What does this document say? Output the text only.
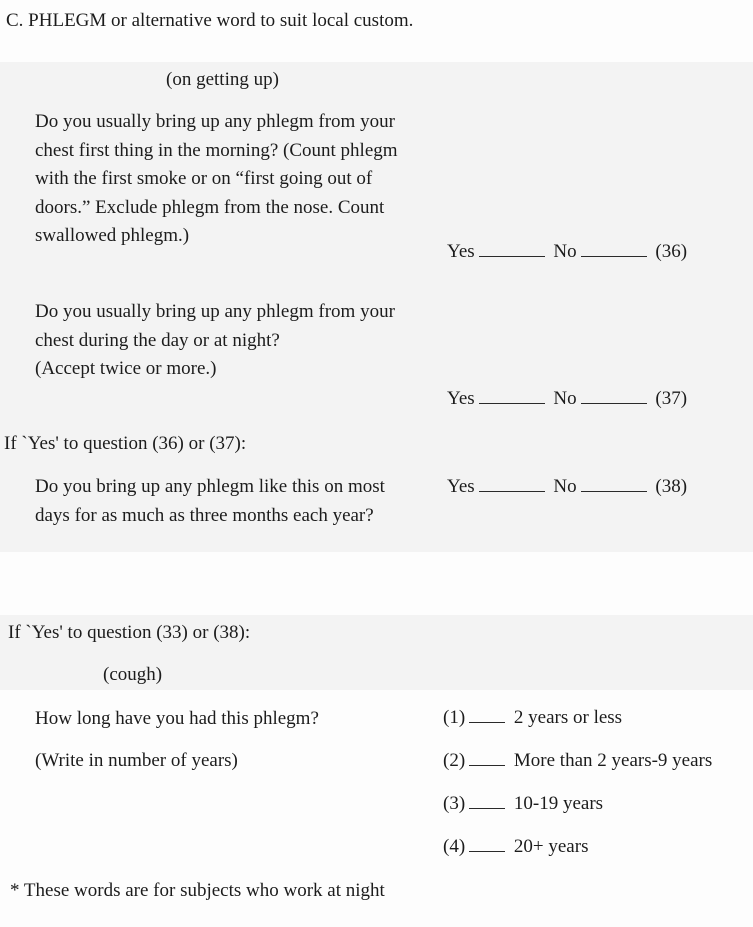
C. PHLEGM or alternative word to suit local custom.
(on getting up)
Do you usually bring up any phlegm from your
chest first thing in the morning? (Count phlegm
with the first smoke or on “first going out of
doors.” Exclude phlegm from the nose. Count
swallowed phlegm.)
Yes	No	(36)
Do you usually bring up any phlegm from your
chest during the day or at night?
(Accept twice or more.)
Yes	No	(37)
If `Yes' to question (36) or (37):
Do you bring up any phlegm like this on most
days for as much as three months each year?
Yes	No	(38)
If `Yes' to question (33) or (38):
(cough)
How long have you had this phlegm?
(Write in number of years)
(1)	2 years or less
(2)	More than 2 years-9 years
(3)	10-19 years
(4)	20+ years
* These words are for subjects who work at night
